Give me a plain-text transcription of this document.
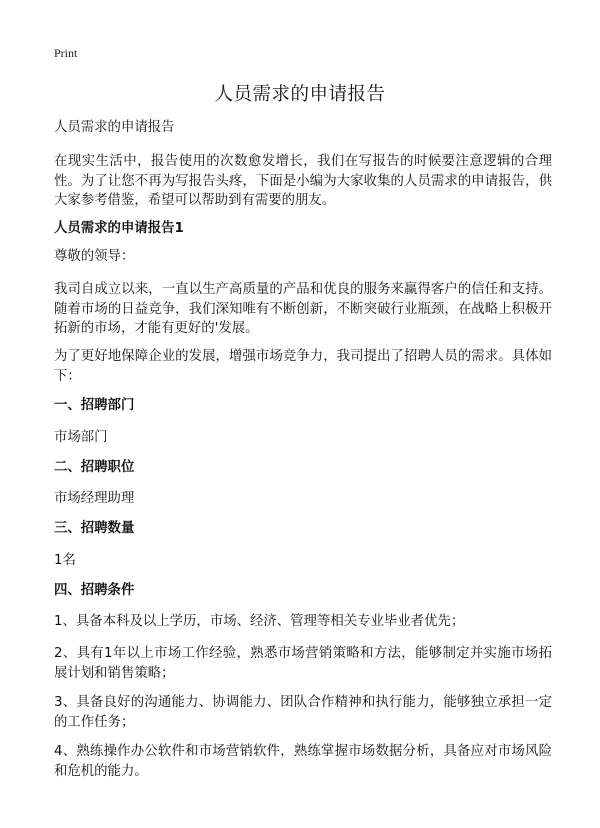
Print
人员需求的申请报告

人员需求的申请报告

在现实生活中，报告使用的次数愈发增长，我们在写报告的时候要注意逻辑的合理性。为了让您不再为写报告头疼，下面是小编为大家收集的人员需求的申请报告，供大家参考借鉴，希望可以帮助到有需要的朋友。

人员需求的申请报告1

尊敬的领导：

我司自成立以来，一直以生产高质量的产品和优良的服务来赢得客户的信任和支持。随着市场的日益竞争，我们深知唯有不断创新，不断突破行业瓶颈，在战略上积极开拓新的市场，才能有更好的'发展。

为了更好地保障企业的发展，增强市场竞争力，我司提出了招聘人员的需求。具体如下：

一、招聘部门

市场部门

二、招聘职位

市场经理助理

三、招聘数量

1名

四、招聘条件

1、具备本科及以上学历，市场、经济、管理等相关专业毕业者优先；

2、具有1年以上市场工作经验，熟悉市场营销策略和方法，能够制定并实施市场拓展计划和销售策略；

3、具备良好的沟通能力、协调能力、团队合作精神和执行能力，能够独立承担一定的工作任务；

4、熟练操作办公软件和市场营销软件，熟练掌握市场数据分析，具备应对市场风险和危机的能力。
